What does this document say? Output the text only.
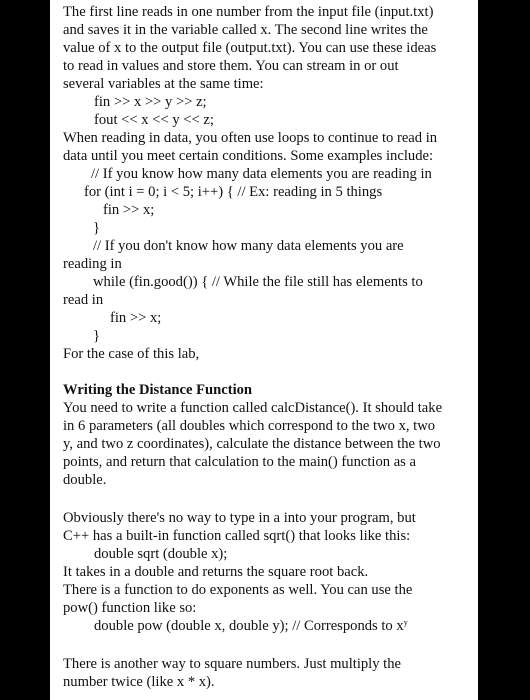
The first line reads in one number from the input file (input.txt)
and saves it in the variable called x. The second line writes the
value of x to the output file (output.txt). You can use these ideas
to read in values and store them. You can stream in or out
several variables at the same time:
fin >> x >> y >> z;
fout << x << y << z;
When reading in data, you often use loops to continue to read in
data until you meet certain conditions. Some examples include:
// If you know how many data elements you are reading in
for (int i = 0; i < 5; i++) { // Ex: reading in 5 things
fin >> x;
}
// If you don't know how many data elements you are
reading in
while (fin.good()) { // While the file still has elements to
read in
fin >> x;
}
For the case of this lab,
Writing the Distance Function
You need to write a function called calcDistance(). It should take
in 6 parameters (all doubles which correspond to the two x, two
y, and two z coordinates), calculate the distance between the two
points, and return that calculation to the main() function as a
double.
Obviously there's no way to type in a into your program, but
C++ has a built-in function called sqrt() that looks like this:
double sqrt (double x);
It takes in a double and returns the square root back.
There is a function to do exponents as well. You can use the
pow() function like so:
double pow (double x, double y); // Corresponds to $x^y$
There is another way to square numbers. Just multiply the
number twice (like x * x).
